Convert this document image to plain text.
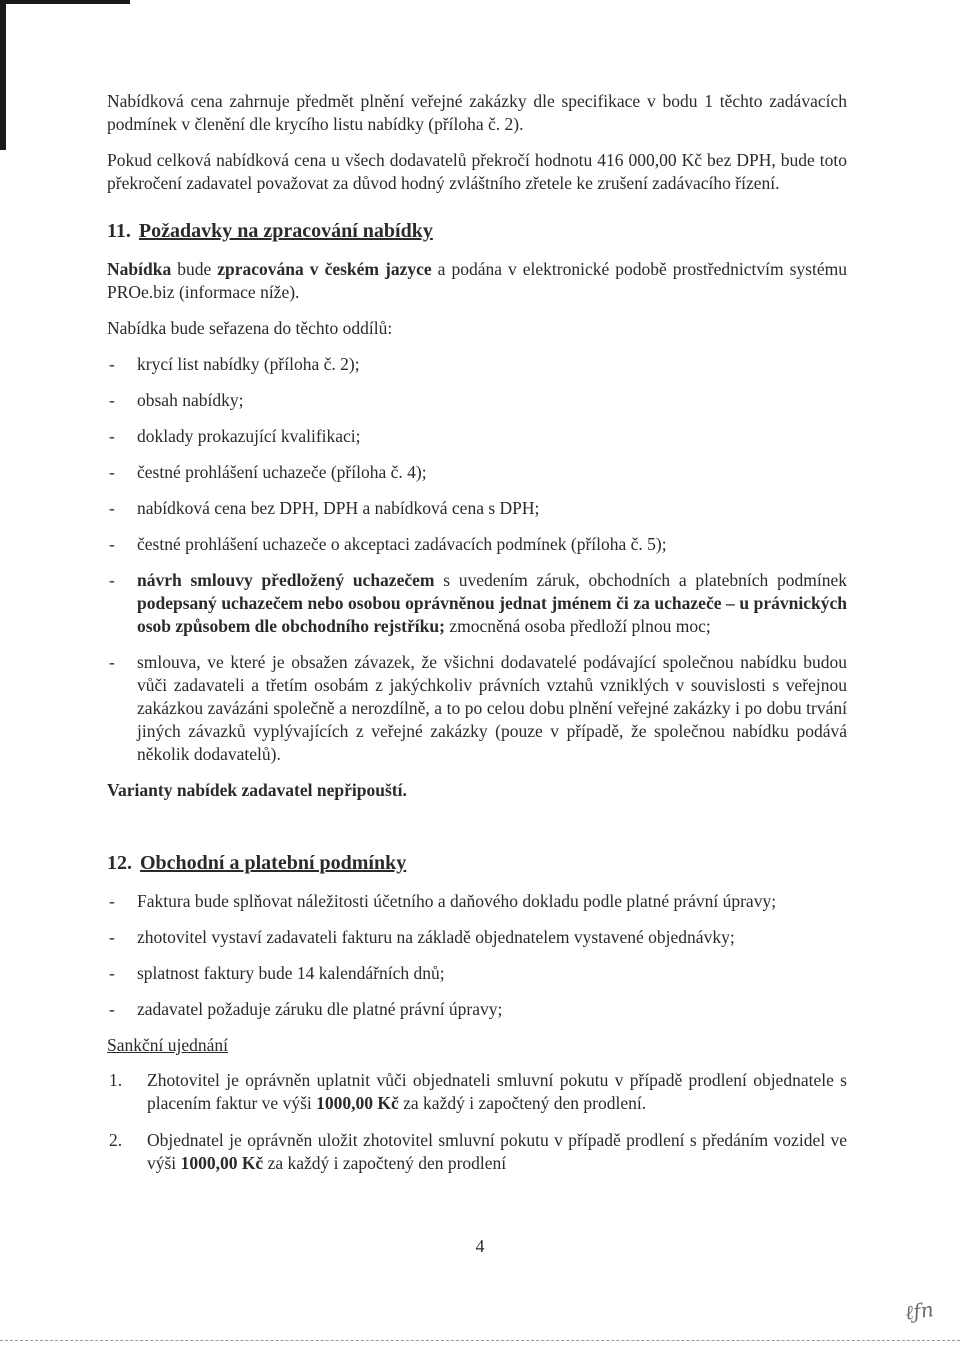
Nabídková cena zahrnuje předmět plnění veřejné zakázky dle specifikace v bodu 1 těchto zadávacích podmínek v členění dle krycího listu nabídky (příloha č. 2).

Pokud celková nabídková cena u všech dodavatelů překročí hodnotu 416 000,00 Kč bez DPH, bude toto překročení zadavatel považovat za důvod hodný zvláštního zřetele ke zrušení zadávacího řízení.

11. Požadavky na zpracování nabídky

Nabídka bude zpracována v českém jazyce a podána v elektronické podobě prostřednictvím systému PROe.biz (informace níže).

Nabídka bude seřazena do těchto oddílů:

- krycí list nabídky (příloha č. 2);
- obsah nabídky;
- doklady prokazující kvalifikaci;
- čestné prohlášení uchazeče (příloha č. 4);
- nabídková cena bez DPH, DPH a nabídková cena s DPH;
- čestné prohlášení uchazeče o akceptaci zadávacích podmínek (příloha č. 5);
- návrh smlouvy předložený uchazečem s uvedením záruk, obchodních a platebních podmínek podepsaný uchazečem nebo osobou oprávněnou jednat jménem či za uchazeče – u právnických osob způsobem dle obchodního rejstříku; zmocněná osoba předloží plnou moc;
- smlouva, ve které je obsažen závazek, že všichni dodavatelé podávající společnou nabídku budou vůči zadavateli a třetím osobám z jakýchkoliv právních vztahů vzniklých v souvislosti s veřejnou zakázkou zavázáni společně a nerozdílně, a to po celou dobu plnění veřejné zakázky i po dobu trvání jiných závazků vyplývajících z veřejné zakázky (pouze v případě, že společnou nabídku podává několik dodavatelů).

Varianty nabídek zadavatel nepřipouští.

12. Obchodní a platební podmínky
- Faktura bude splňovat náležitosti účetního a daňového dokladu podle platné právní úpravy;
- zhotovitel vystaví zadavateli fakturu na základě objednatelem vystavené objednávky;
- splatnost faktury bude 14 kalendářních dnů;
- zadavatel požaduje záruku dle platné právní úpravy;
Sankční ujednání
1. Zhotovitel je oprávněn uplatnit vůči objednateli smluvní pokutu v případě prodlení objednatele s placením faktur ve výši 1000,00 Kč za každý i započtený den prodlení.
2. Objednatel je oprávněn uložit zhotovitel smluvní pokutu v případě prodlení s předáním vozidel ve výši 1000,00 Kč za každý i započtený den prodlení
4
ℓƒn
